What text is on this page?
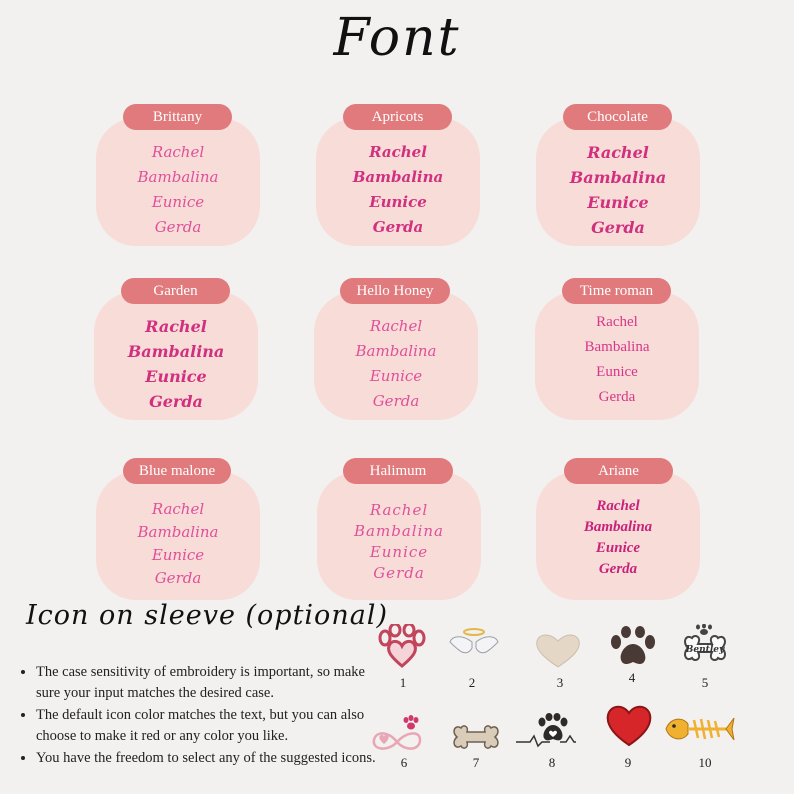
Font
Rachel
Bambalina
Eunice
Gerda
Brittany
Rachel
Bambalina
Eunice
Gerda
Apricots
Rachel
Bambalina
Eunice
Gerda
Chocolate
Rachel
Bambalina
Eunice
Gerda
Garden
Rachel
Bambalina
Eunice
Gerda
Hello Honey
Rachel
Bambalina
Eunice
Gerda
Time roman
Rachel
Bambalina
Eunice
Gerda
Blue malone
Rachel
Bambalina
Eunice
Gerda
Halimum
Rachel
Bambalina
Eunice
Gerda
Ariane
Icon on sleeve (optional)
• The case sensitivity of embroidery is important, so make sure your input matches the desired case.
• The default icon color matches the text, but you can also choose to make it red or any color you like.
• You have the freedom to select any of the suggested icons.
1	2	3	4
Bentley
5
6	7	8	9	10
